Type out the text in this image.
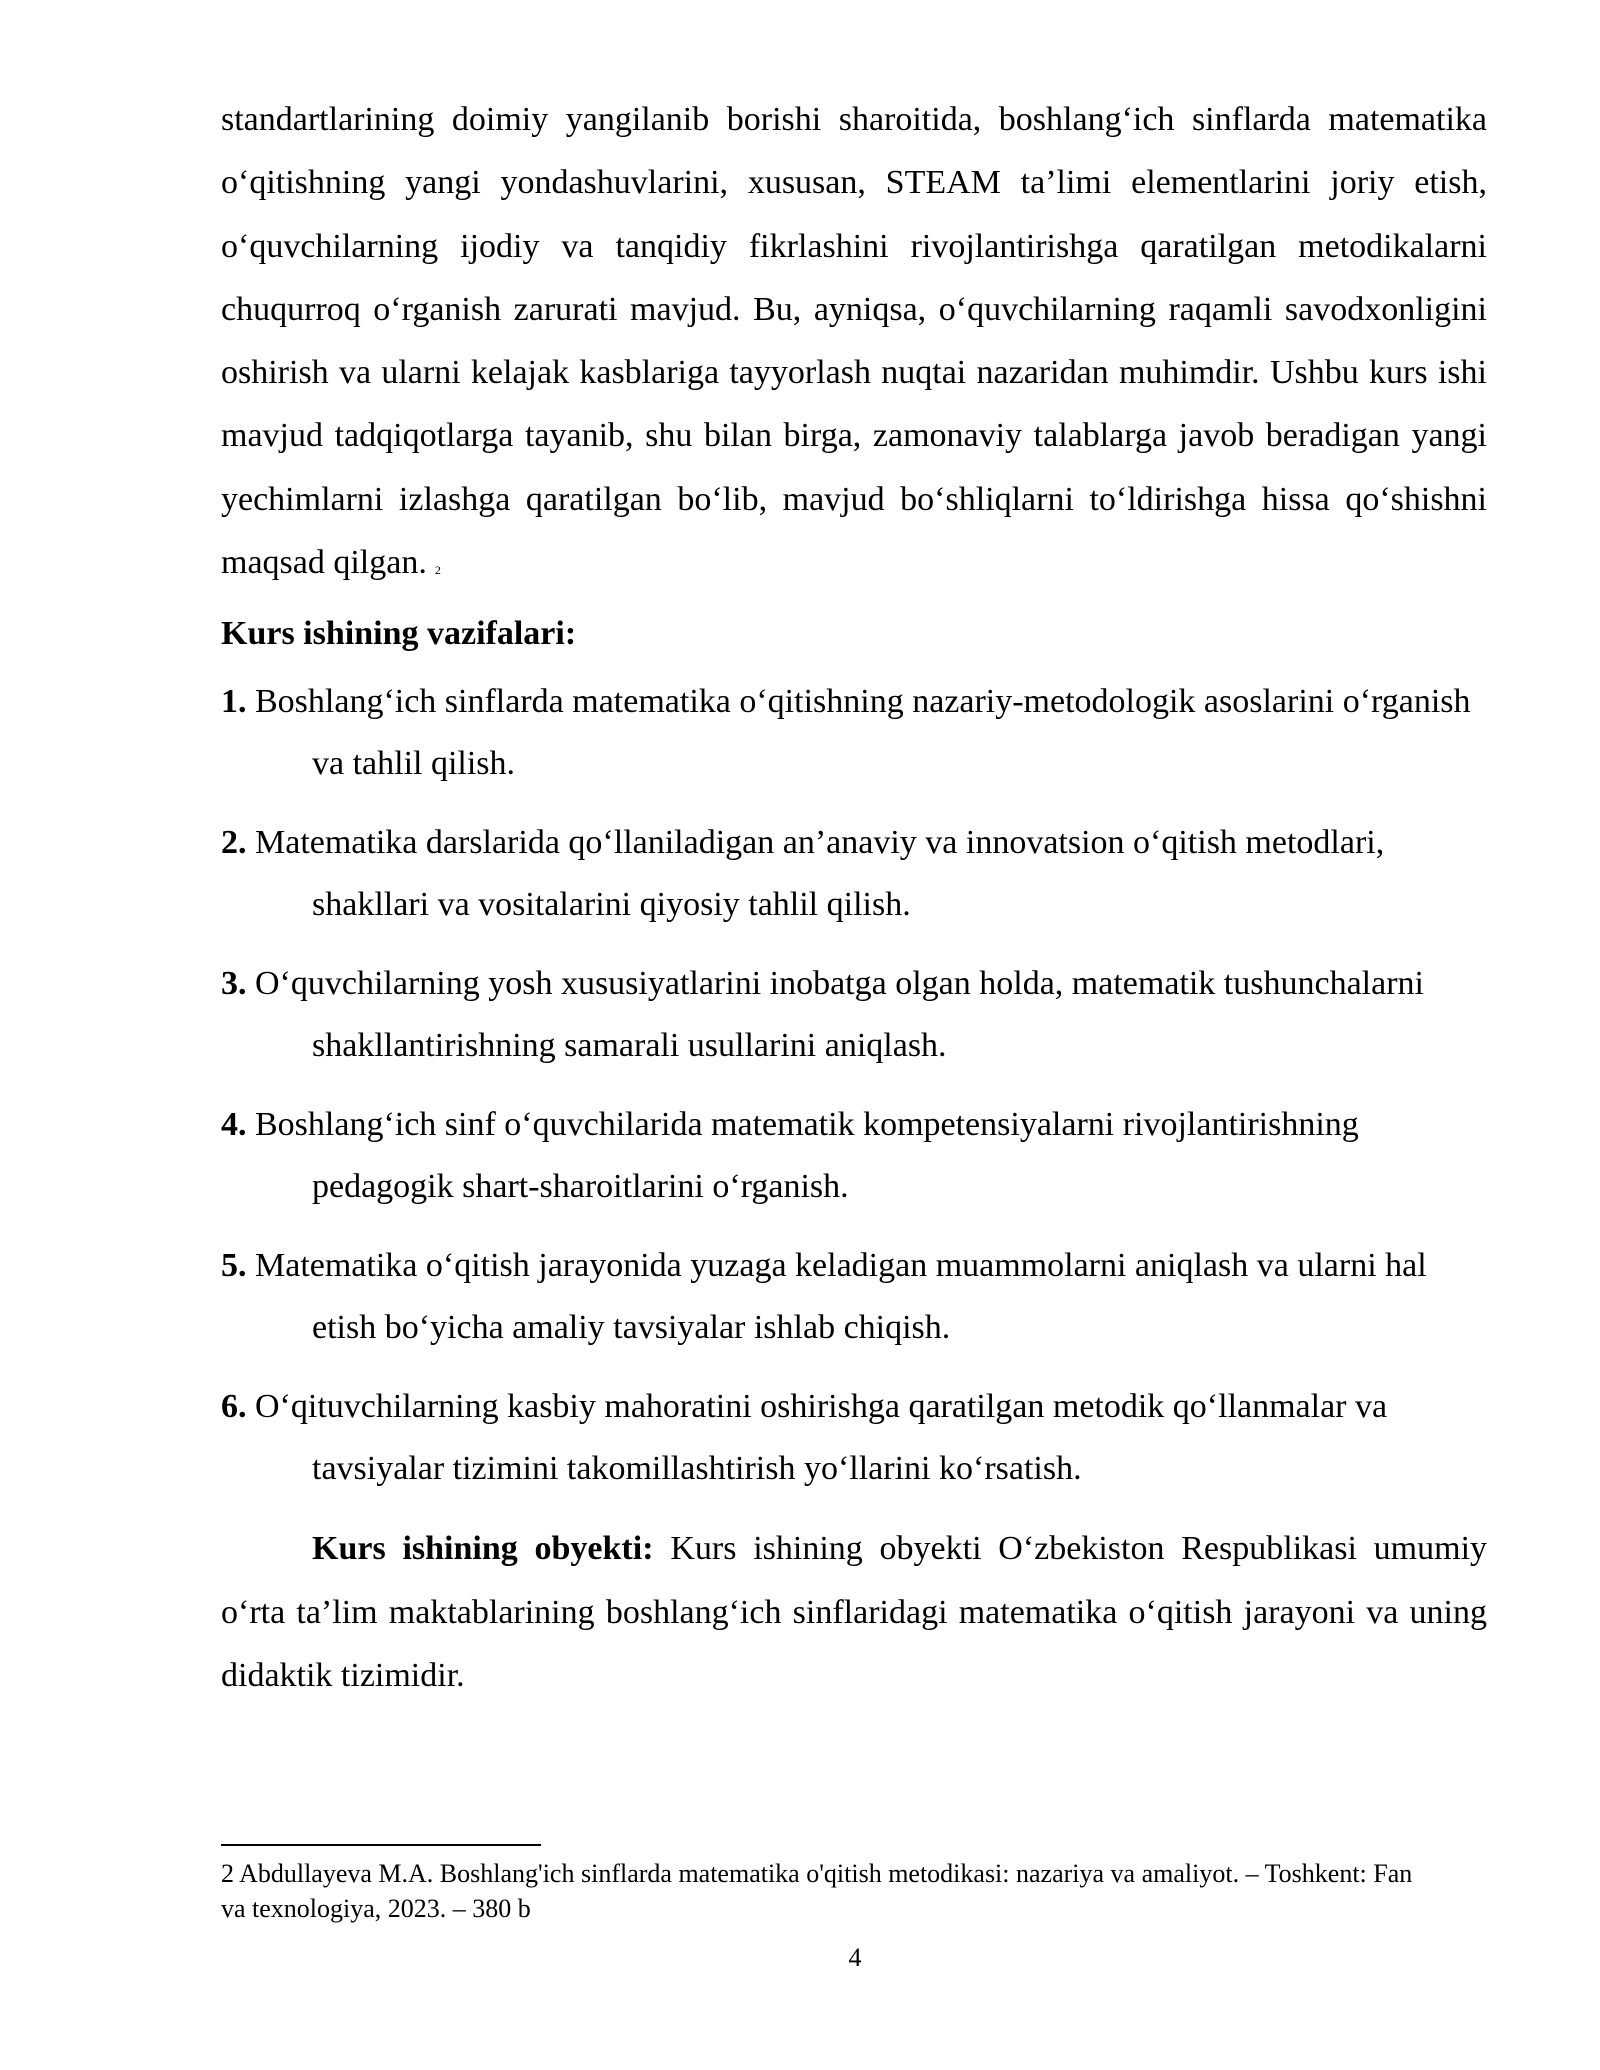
standartlarining doimiy yangilanib borishi sharoitida, boshlang‘ich sinflarda matematika o‘qitishning yangi yondashuvlarini, xususan, STEAM ta’limi elementlarini joriy etish, o‘quvchilarning ijodiy va tanqidiy fikrlashini rivojlantirishga qaratilgan metodikalarni chuqurroq o‘rganish zarurati mavjud. Bu, ayniqsa, o‘quvchilarning raqamli savodxonligini oshirish va ularni kelajak kasblariga tayyorlash nuqtai nazaridan muhimdir. Ushbu kurs ishi mavjud tadqiqotlarga tayanib, shu bilan birga, zamonaviy talablarga javob beradigan yangi yechimlarni izlashga qaratilgan bo‘lib, mavjud bo‘shliqlarni to‘ldirishga hissa qo‘shishni maqsad qilgan. $^2$

Kurs ishining vazifalari:
1. Boshlang‘ich sinflarda matematika o‘qitishning nazariy-metodologik asoslarini o‘rganish va tahlil qilish.
2. Matematika darslarida qo‘llaniladigan an’anaviy va innovatsion o‘qitish metodlari, shakllari va vositalarini qiyosiy tahlil qilish.
3. O‘quvchilarning yosh xususiyatlarini inobatga olgan holda, matematik tushunchalarni shakllantirishning samarali usullarini aniqlash.
4. Boshlang‘ich sinf o‘quvchilarida matematik kompetensiyalarni rivojlantirishning pedagogik shart-sharoitlarini o‘rganish.
5. Matematika o‘qitish jarayonida yuzaga keladigan muammolarni aniqlash va ularni hal etish bo‘yicha amaliy tavsiyalar ishlab chiqish.
6. O‘qituvchilarning kasbiy mahoratini oshirishga qaratilgan metodik qo‘llanmalar va tavsiyalar tizimini takomillashtirish yo‘llarini ko‘rsatish.

Kurs ishining obyekti: Kurs ishining obyekti O‘zbekiston Respublikasi umumiy o‘rta ta’lim maktablarining boshlang‘ich sinflaridagi matematika o‘qitish jarayoni va uning didaktik tizimidir.

2 Abdullayeva M.A. Boshlang'ich sinflarda matematika o'qitish metodikasi: nazariya va amaliyot. – Toshkent: Fan va texnologiya, 2023. – 380 b

4
